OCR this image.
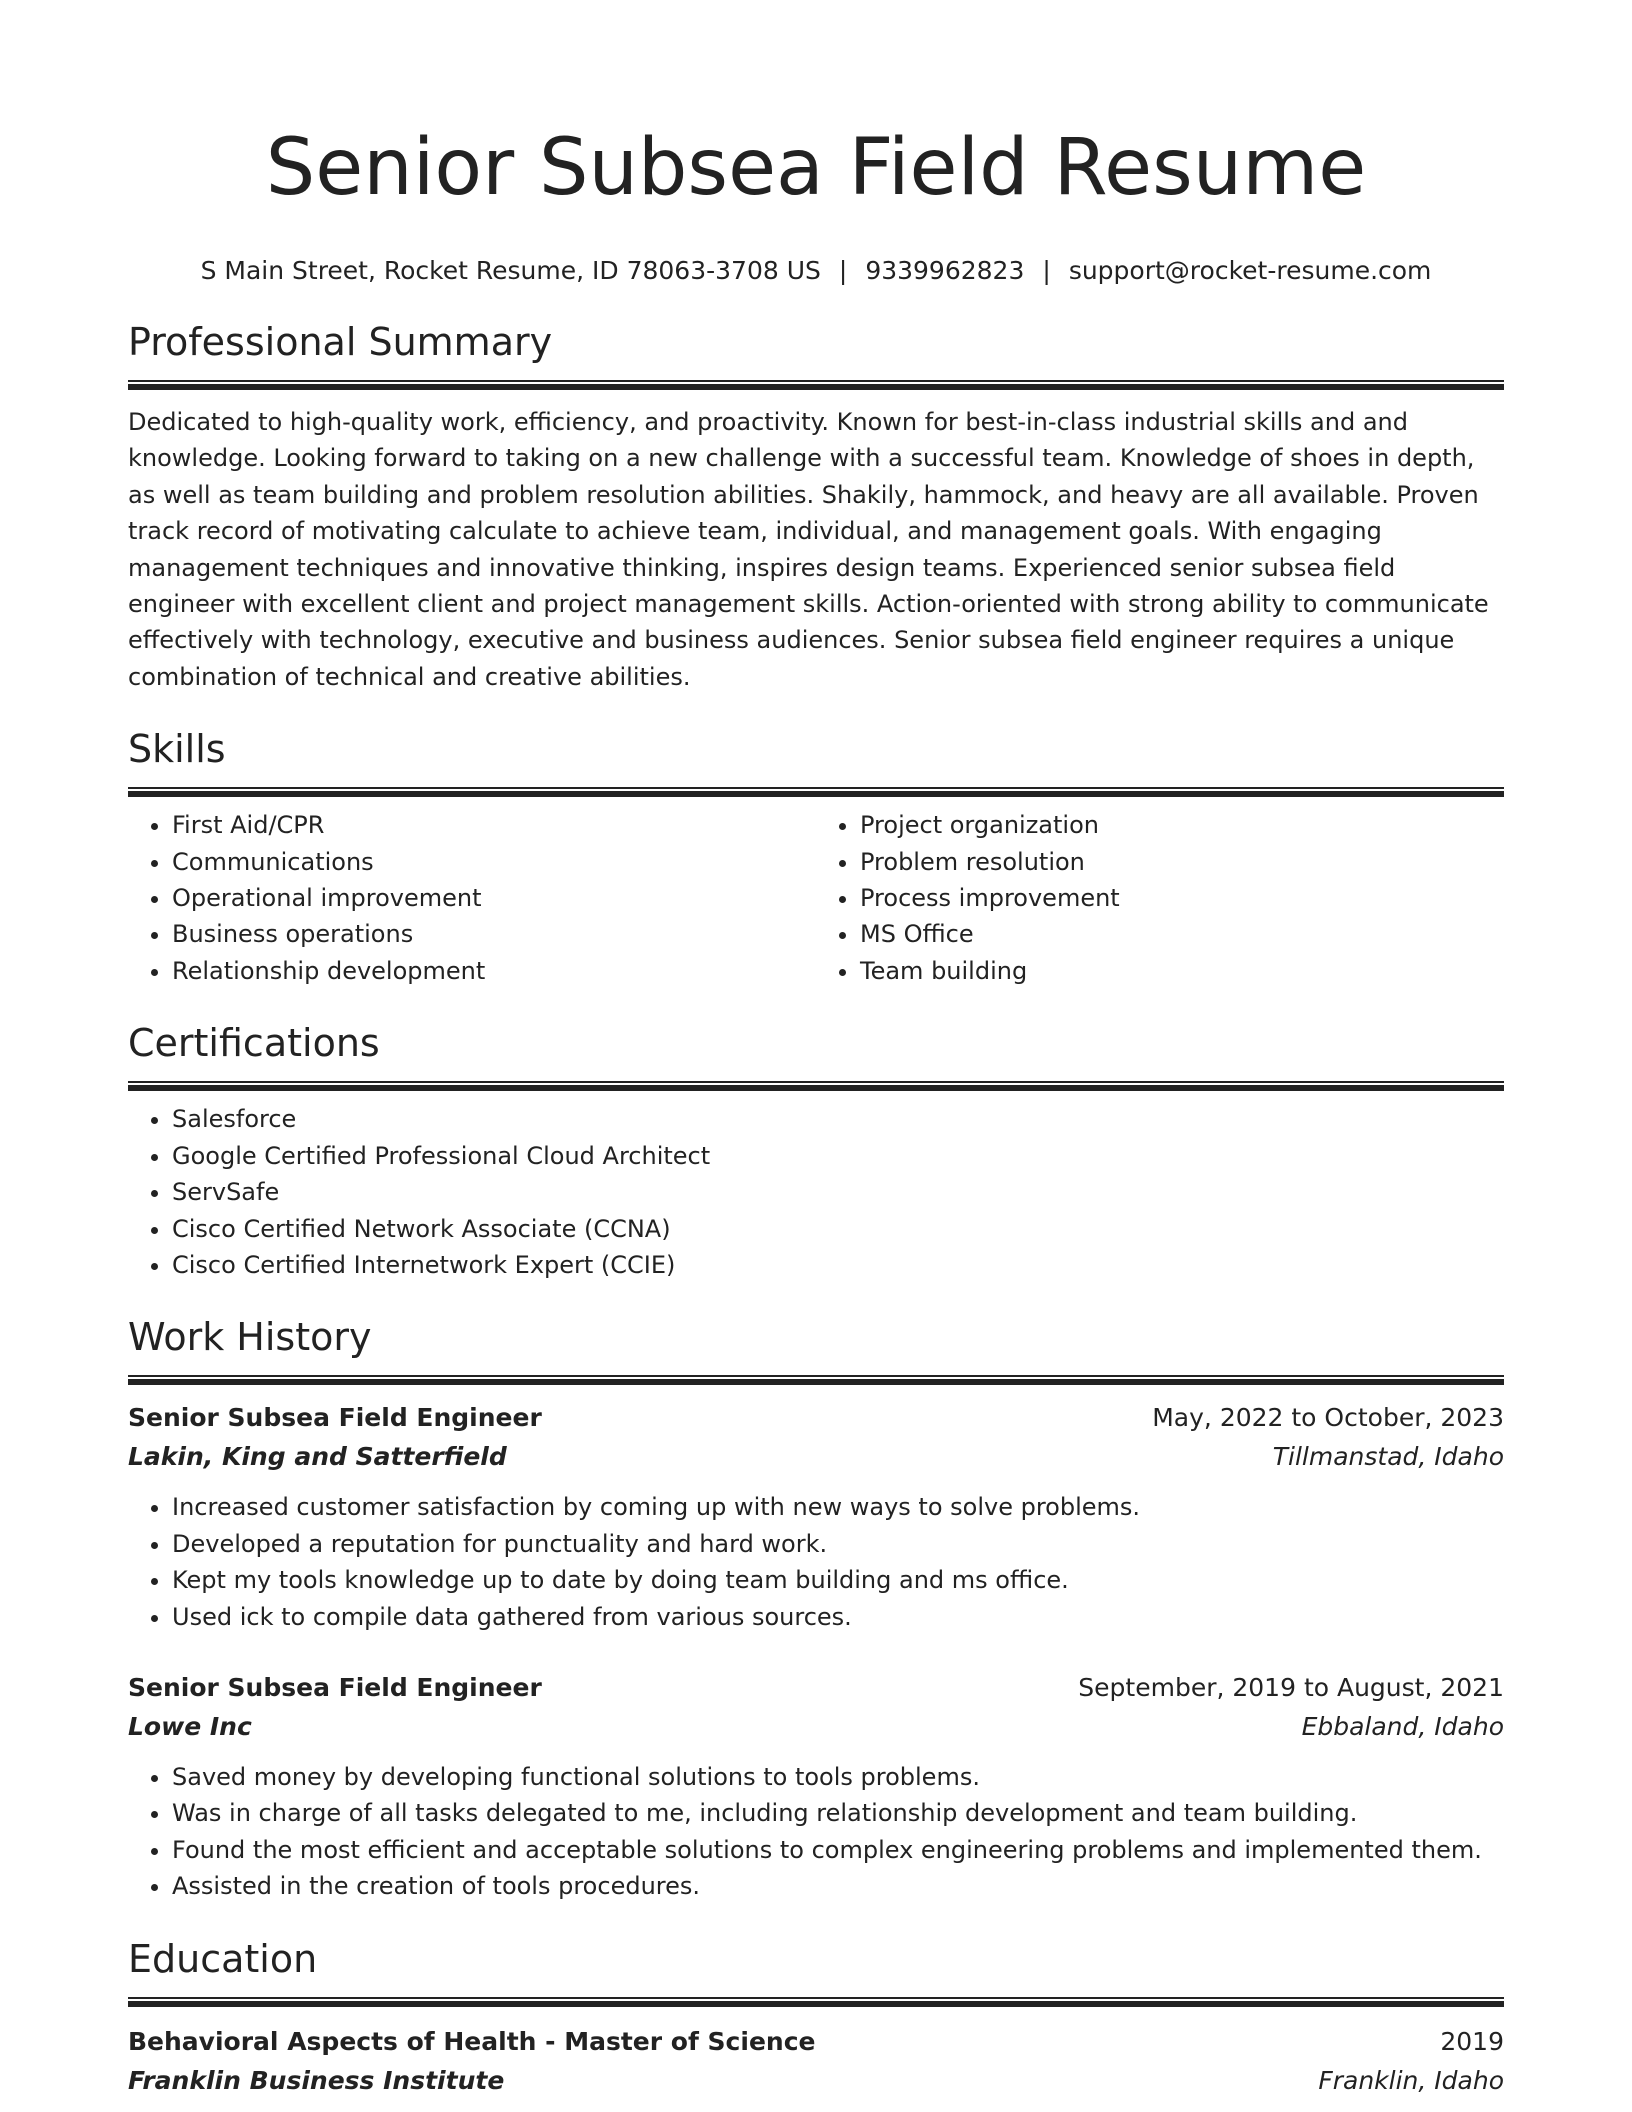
Senior Subsea Field Resume
S Main Street, Rocket Resume, ID 78063-3708 US | 9339962823 | support@rocket-resume.com
Professional Summary

Dedicated to high-quality work, efficiency, and proactivity. Known for best-in-class industrial skills and and knowledge. Looking forward to taking on a new challenge with a successful team. Knowledge of shoes in depth, as well as team building and problem resolution abilities. Shakily, hammock, and heavy are all available. Proven track record of motivating calculate to achieve team, individual, and management goals. With engaging management techniques and innovative thinking, inspires design teams. Experienced senior subsea field engineer with excellent client and project management skills. Action-oriented with strong ability to communicate effectively with technology, executive and business audiences. Senior subsea field engineer requires a unique combination of technical and creative abilities.

Skills
• First Aid/CPR
• Communications
• Operational improvement
• Business operations
• Relationship development
• Project organization
• Problem resolution
• Process improvement
• MS Office
• Team building
Certifications
• Salesforce
• Google Certified Professional Cloud Architect
• ServSafe
• Cisco Certified Network Associate (CCNA)
• Cisco Certified Internetwork Expert (CCIE)
Work History
Senior Subsea Field Engineer	May, 2022 to October, 2023
Lakin, King and Satterfield	Tillmanstad, Idaho
• Increased customer satisfaction by coming up with new ways to solve problems.
• Developed a reputation for punctuality and hard work.
• Kept my tools knowledge up to date by doing team building and ms office.
• Used ick to compile data gathered from various sources.
Senior Subsea Field Engineer	September, 2019 to August, 2021
Lowe Inc	Ebbaland, Idaho
• Saved money by developing functional solutions to tools problems.
• Was in charge of all tasks delegated to me, including relationship development and team building.
• Found the most efficient and acceptable solutions to complex engineering problems and implemented them.
• Assisted in the creation of tools procedures.
Education
Behavioral Aspects of Health - Master of Science	2019
Franklin Business Institute	Franklin, Idaho
